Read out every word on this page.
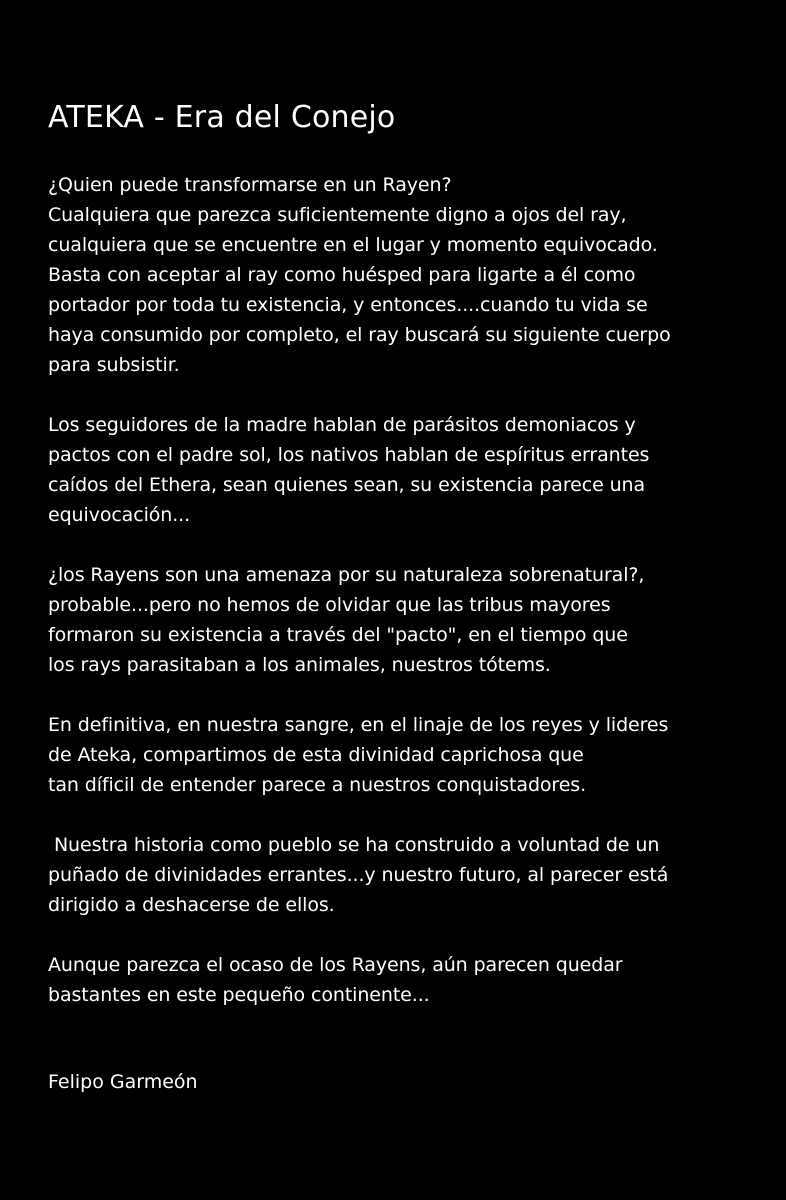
ATEKA - Era del Conejo
¿Quien puede transformarse en un Rayen?
Cualquiera que parezca suficientemente digno a ojos del ray,
cualquiera que se encuentre en el lugar y momento equivocado.
Basta con aceptar al ray como huésped para ligarte a él como
portador por toda tu existencia, y entonces....cuando tu vida se
haya consumido por completo, el ray buscará su siguiente cuerpo
para subsistir.
Los seguidores de la madre hablan de parásitos demoniacos y
pactos con el padre sol, los nativos hablan de espíritus errantes
caídos del Ethera, sean quienes sean, su existencia parece una
equivocación...
¿los Rayens son una amenaza por su naturaleza sobrenatural?,
probable...pero no hemos de olvidar que las tribus mayores
formaron su existencia a través del "pacto", en el tiempo que
los rays parasitaban a los animales, nuestros tótems.
En definitiva, en nuestra sangre, en el linaje de los reyes y lideres
de Ateka, compartimos de esta divinidad caprichosa que
tan díficil de entender parece a nuestros conquistadores.
Nuestra historia como pueblo se ha construido a voluntad de un
puñado de divinidades errantes...y nuestro futuro, al parecer está
dirigido a deshacerse de ellos.
Aunque parezca el ocaso de los Rayens, aún parecen quedar
bastantes en este pequeño continente...
Felipo Garmeón
